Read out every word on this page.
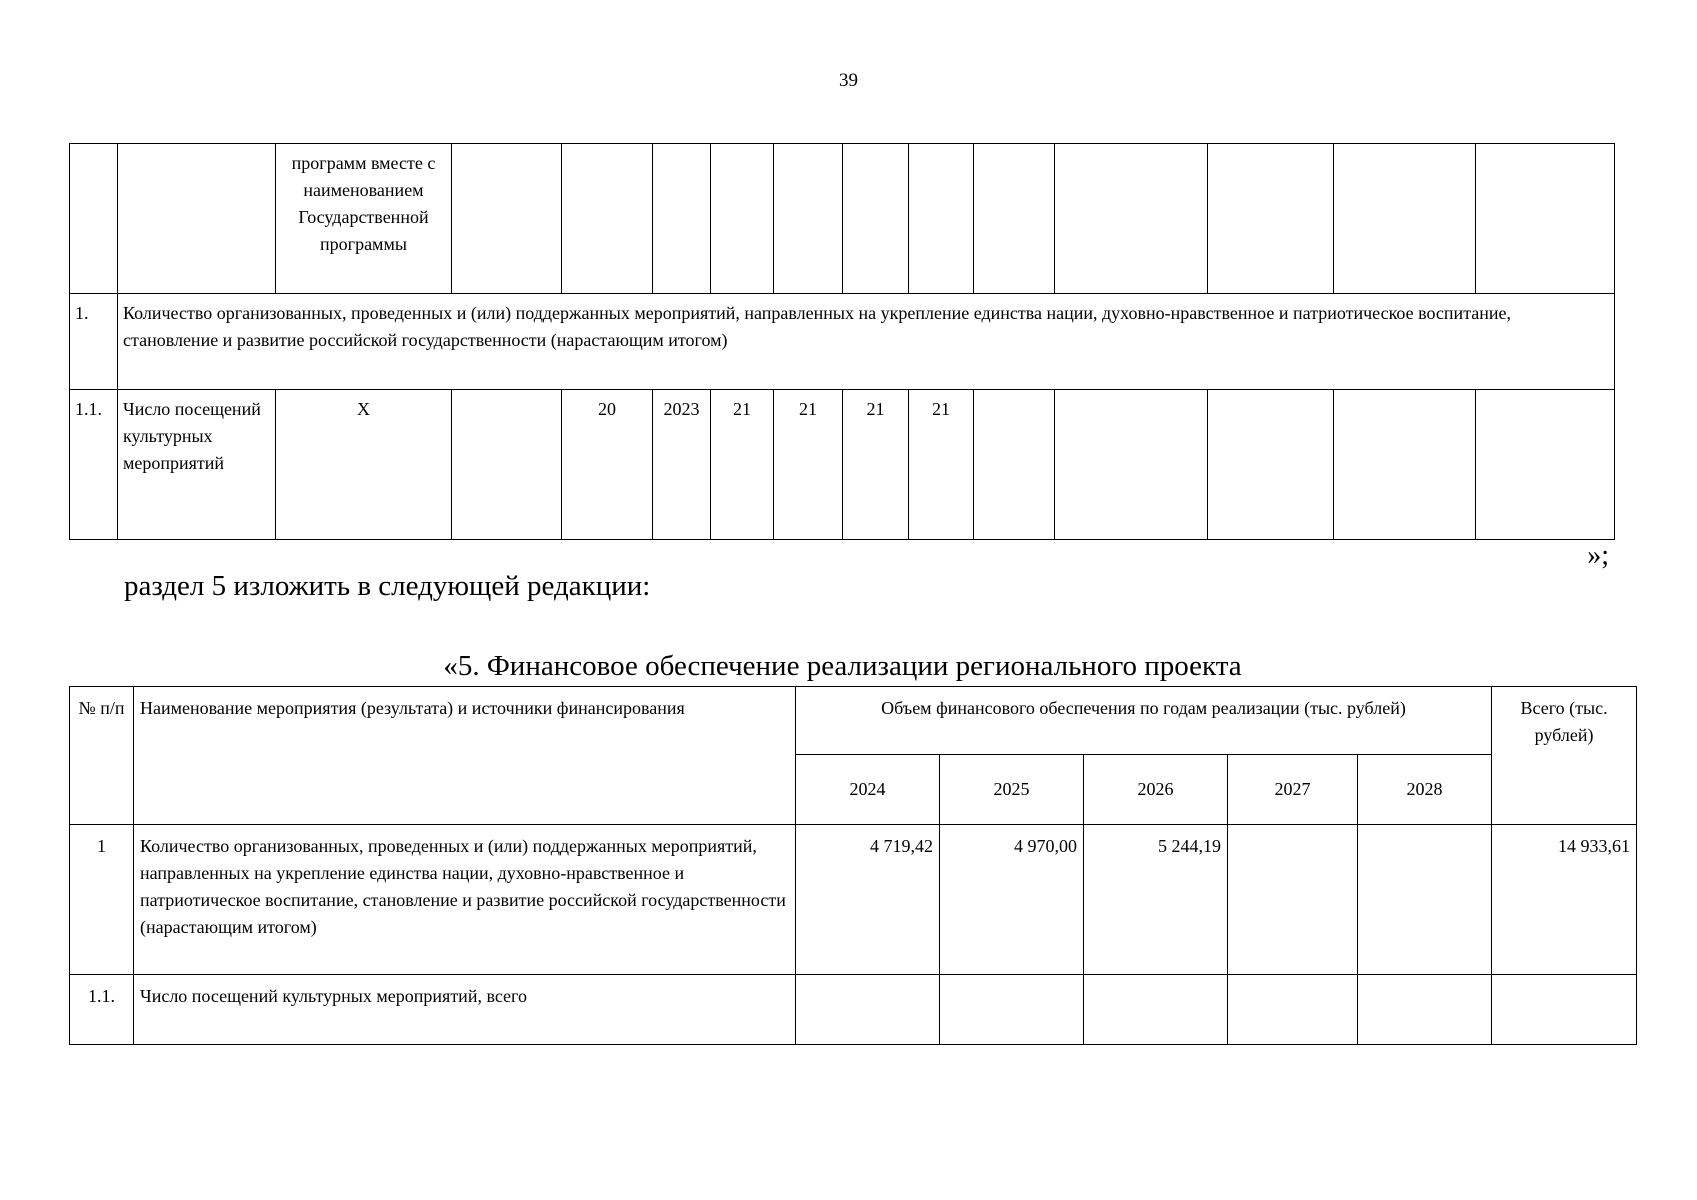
39
		программ вместе с наименованием Государственной программы												
1.	Количество организованных, проведенных и (или) поддержанных мероприятий, направленных на укрепление единства нации, духовно-нравственное и патриотическое воспитание, становление и развитие российской государственности (нарастающим итогом)													
1.1.	Число посещений культурных мероприятий	Х		20	2023	21	21	21	21					
»;
раздел 5 изложить в следующей редакции:
«5. Финансовое обеспечение реализации регионального проекта
№ п/п	Наименование мероприятия (результата) и источники финансирования	Объем финансового обеспечения по годам реализации (тыс. рублей)					Всего (тыс. рублей)
		2024	2025	2026	2027	2028	
1	Количество организованных, проведенных и (или) поддержанных мероприятий, направленных на укрепление единства нации, духовно-нравственное и патриотическое воспитание, становление и развитие российской государственности (нарастающим итогом)	4 719,42	4 970,00	5 244,19			14 933,61
1.1.	Число посещений культурных мероприятий, всего						
